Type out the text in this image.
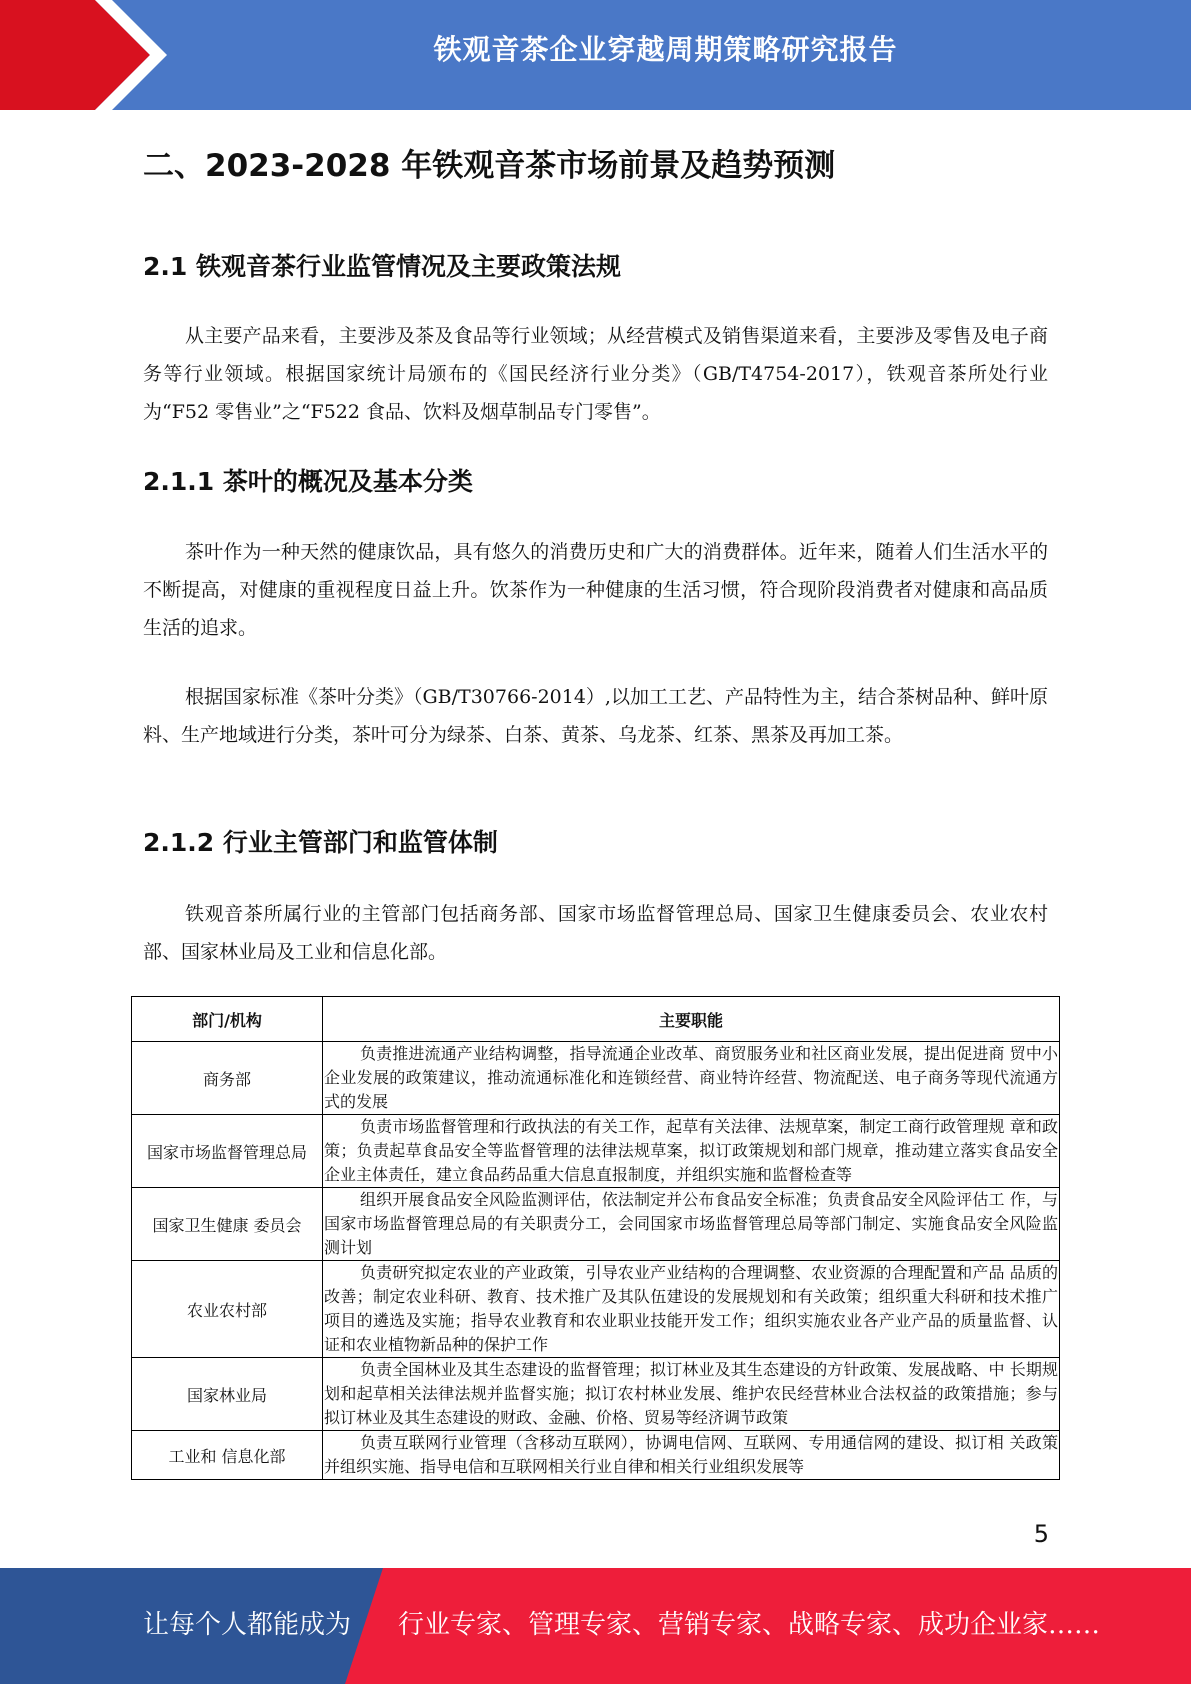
铁观音茶企业穿越周期策略研究报告
二、2023-2028 年铁观音茶市场前景及趋势预测
2.1 铁观音茶行业监管情况及主要政策法规
从主要产品来看，主要涉及茶及食品等行业领域；从经营模式及销售渠道来看，主要涉及零售及电子商务等行业领域。根据国家统计局颁布的《国民经济行业分类》（GB/T4754-2017），铁观音茶所处行业为“F52 零售业”之“F522 食品、饮料及烟草制品专门零售”。
2.1.1 茶叶的概况及基本分类
茶叶作为一种天然的健康饮品，具有悠久的消费历史和广大的消费群体。近年来，随着人们生活水平的不断提高，对健康的重视程度日益上升。饮茶作为一种健康的生活习惯，符合现阶段消费者对健康和高品质生活的追求。
根据国家标准《茶叶分类》（GB/T30766-2014）,以加工工艺、产品特性为主，结合茶树品种、鲜叶原料、生产地域进行分类，茶叶可分为绿茶、白茶、黄茶、乌龙茶、红茶、黑茶及再加工茶。
2.1.2 行业主管部门和监管体制
铁观音茶所属行业的主管部门包括商务部、国家市场监督管理总局、国家卫生健康委员会、农业农村部、国家林业局及工业和信息化部。
部门/机构	主要职能
商务部	负责推进流通产业结构调整，指导流通企业改革、商贸服务业和社区商业发展，提出促进商 贸中小企业发展的政策建议，推动流通标准化和连锁经营、商业特许经营、物流配送、电子商务等现代流通方式的发展
国家市场监督管理总局	负责市场监督管理和行政执法的有关工作，起草有关法律、法规草案，制定工商行政管理规 章和政策；负责起草食品安全等监督管理的法律法规草案，拟订政策规划和部门规章，推动建立落实食品安全企业主体责任，建立食品药品重大信息直报制度，并组织实施和监督检查等
国家卫生健康 委员会	组织开展食品安全风险监测评估，依法制定并公布食品安全标准；负责食品安全风险评估工 作，与国家市场监督管理总局的有关职责分工，会同国家市场监督管理总局等部门制定、实施食品安全风险监测计划
农业农村部	负责研究拟定农业的产业政策，引导农业产业结构的合理调整、农业资源的合理配置和产品 品质的改善；制定农业科研、教育、技术推广及其队伍建设的发展规划和有关政策；组织重大科研和技术推广项目的遴选及实施；指导农业教育和农业职业技能开发工作；组织实施农业各产业产品的质量监督、认证和农业植物新品种的保护工作
国家林业局	负责全国林业及其生态建设的监督管理；拟订林业及其生态建设的方针政策、发展战略、中 长期规划和起草相关法律法规并监督实施；拟订农村林业发展、维护农民经营林业合法权益的政策措施；参与拟订林业及其生态建设的财政、金融、价格、贸易等经济调节政策
工业和 信息化部	负责互联网行业管理（含移动互联网），协调电信网、互联网、专用通信网的建设、拟订相 关政策并组织实施、指导电信和互联网相关行业自律和相关行业组织发展等
5
让每个人都能成为 行业专家、管理专家、营销专家、战略专家、成功企业家……
